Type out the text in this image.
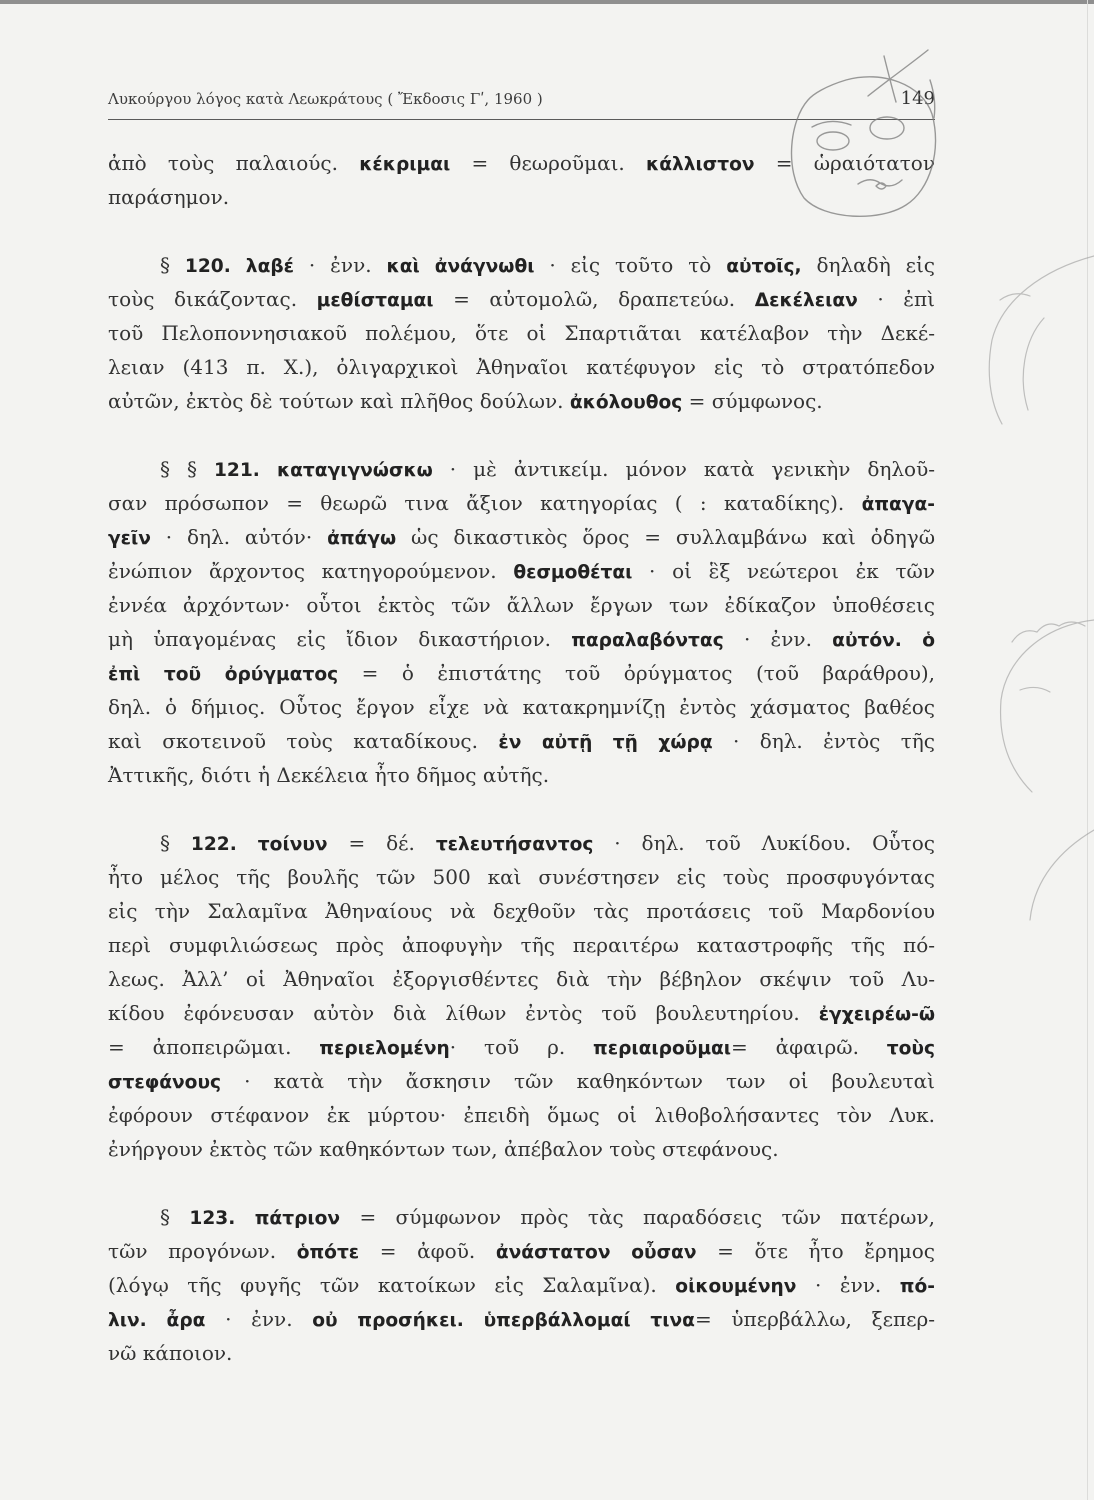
Λυκούργου λόγος κατὰ Λεωκράτους ( Ἔκδοσις Γʹ, 1960 )	149
ἀπὸ τοὺς παλαιούς. κέκριμαι = θεωροῦμαι. κάλλιστον = ὡραιότατον
παράσημον.
§ 120. λαβέ · ἐνν. καὶ ἀνάγνωθι · εἰς τοῦτο τὸ αὐτοῖς, δηλαδὴ εἰς
τοὺς δικάζοντας. μεθίσταμαι = αὐτομολῶ, δραπετεύω. Δεκέλειαν · ἐπὶ
τοῦ Πελοποννησιακοῦ πολέμου, ὅτε οἱ Σπαρτιᾶται κατέλαβον τὴν Δεκέ-
λειαν (413 π. Χ.), ὀλιγαρχικοὶ Ἀθηναῖοι κατέφυγον εἰς τὸ στρατόπεδον
αὐτῶν, ἐκτὸς δὲ τούτων καὶ πλῆθος δούλων. ἀκόλουθος = σύμφωνος.
§ § 121. καταγιγνώσκω · μὲ ἀντικείμ. μόνον κατὰ γενικὴν δηλοῦ-
σαν πρόσωπον = θεωρῶ τινα ἄξιον κατηγορίας ( : καταδίκης). ἀπαγα-
γεῖν · δηλ. αὐτόν· ἀπάγω ὡς δικαστικὸς ὅρος = συλλαμβάνω καὶ ὁδηγῶ
ἐνώπιον ἄρχοντος κατηγορούμενον. θεσμοθέται · οἱ ἓξ νεώτεροι ἐκ τῶν
ἐννέα ἀρχόντων· οὗτοι ἐκτὸς τῶν ἄλλων ἔργων των ἐδίκαζον ὑποθέσεις
μὴ ὑπαγομένας εἰς ἴδιον δικαστήριον. παραλαβόντας · ἐνν. αὐτόν. ὁ
ἐπὶ τοῦ ὀρύγματος = ὁ ἐπιστάτης τοῦ ὀρύγματος (τοῦ βαράθρου),
δηλ. ὁ δήμιος. Οὗτος ἔργον εἶχε νὰ κατακρημνίζῃ ἐντὸς χάσματος βαθέος
καὶ σκοτεινοῦ τοὺς καταδίκους. ἐν αὐτῇ τῇ χώρᾳ · δηλ. ἐντὸς τῆς
Ἀττικῆς, διότι ἡ Δεκέλεια ἦτο δῆμος αὐτῆς.
§ 122. τοίνυν = δέ. τελευτήσαντος · δηλ. τοῦ Λυκίδου. Οὗτος
ἦτο μέλος τῆς βουλῆς τῶν 500 καὶ συνέστησεν εἰς τοὺς προσφυγόντας
εἰς τὴν Σαλαμῖνα Ἀθηναίους νὰ δεχθοῦν τὰς προτάσεις τοῦ Μαρδονίου
περὶ συμφιλιώσεως πρὸς ἀποφυγὴν τῆς περαιτέρω καταστροφῆς τῆς πό-
λεως. Ἀλλ’ οἱ Ἀθηναῖοι ἐξοργισθέντες διὰ τὴν βέβηλον σκέψιν τοῦ Λυ-
κίδου ἐφόνευσαν αὐτὸν διὰ λίθων ἐντὸς τοῦ βουλευτηρίου. ἐγχειρέω-ῶ
= ἀποπειρῶμαι. περιελομένη· τοῦ ρ. περιαιροῦμαι= ἀφαιρῶ. τοὺς
στεφάνους · κατὰ τὴν ἄσκησιν τῶν καθηκόντων των οἱ βουλευταὶ
ἐφόρουν στέφανον ἐκ μύρτου· ἐπειδὴ ὅμως οἱ λιθοβολήσαντες τὸν Λυκ.
ἐνήργουν ἐκτὸς τῶν καθηκόντων των, ἀπέβαλον τοὺς στεφάνους.
§ 123. πάτριον = σύμφωνον πρὸς τὰς παραδόσεις τῶν πατέρων,
τῶν προγόνων. ὁπότε = ἀφοῦ. ἀνάστατον οὖσαν = ὅτε ἦτο ἔρημος
(λόγῳ τῆς φυγῆς τῶν κατοίκων εἰς Σαλαμῖνα). οἰκουμένην · ἐνν. πό-
λιν. ἆρα · ἐνν. οὐ προσήκει. ὑπερβάλλομαί τινα= ὑπερβάλλω, ξεπερ-
νῶ κάποιον.
